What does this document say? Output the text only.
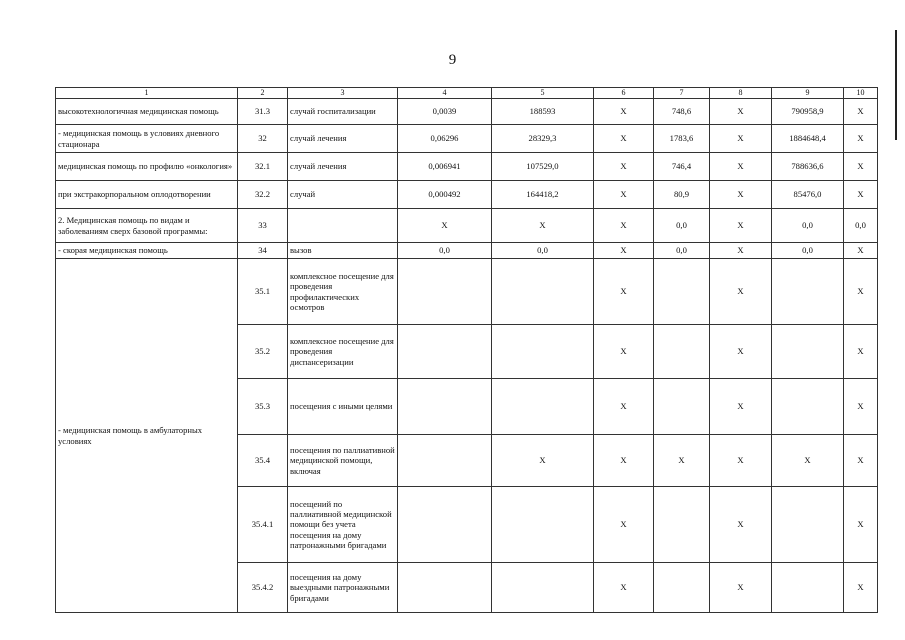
9
1	2	3	4	5	6	7	8	9	10
высокотехнологичная медицинская помощь	31.3	случай госпитализации	0,0039	188593	Х	748,6	Х	790958,9	Х
- медицинская помощь в условиях дневного стационара	32	случай лечения	0,06296	28329,3	Х	1783,6	Х	1884648,4	Х
медицинская помощь по профилю «онкология»	32.1	случай лечения	0,006941	107529,0	Х	746,4	Х	788636,6	Х
при экстракорпоральном оплодотворении	32.2	случай	0,000492	164418,2	Х	80,9	Х	85476,0	Х
2. Медицинская помощь по видам и заболеваниям сверх базовой программы:	33		Х	Х	Х	0,0	Х	0,0	0,0
- скорая медицинская помощь	34	вызов	0,0	0,0	Х	0,0	Х	0,0	Х
- медицинская помощь в амбулаторных условиях	35.1	комплексное посещение для проведения профилактических осмотров			Х		Х		Х
	35.2	комплексное посещение для проведения диспансеризации			Х		Х		Х
	35.3	посещения с иными целями			Х		Х		Х
	35.4	посещения по паллиативной медицинской помощи, включая		Х	Х	Х	Х	Х	Х
	35.4.1	посещений по паллиативной медицинской помощи без учета посещения на дому патронажными бригадами			Х		Х		Х
	35.4.2	посещения на дому выездными патронажными бригадами			Х		Х		Х
